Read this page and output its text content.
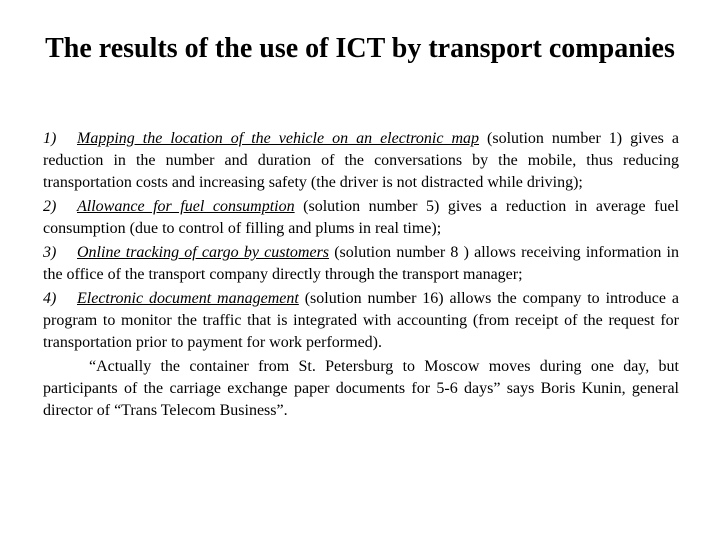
The results of the use of ICT by transport companies

1) Mapping the location of the vehicle on an electronic map (solution number 1) gives a reduction in the number and duration of the conversations by the mobile, thus reducing transportation costs and increasing safety (the driver is not distracted while driving);

2) Allowance for fuel consumption (solution number 5) gives a reduction in average fuel consumption (due to control of filling and plums in real time);

3) Online tracking of cargo by customers (solution number 8 ) allows receiving information in the office of the transport company directly through the transport manager;

4) Electronic document management (solution number 16) allows the company to introduce a program to monitor the traffic that is integrated with accounting (from receipt of the request for transportation prior to payment for work performed).

“Actually the container from St. Petersburg to Moscow moves during one day, but participants of the carriage exchange paper documents for 5-6 days” says Boris Kunin, general director of “Trans Telecom Business”.
